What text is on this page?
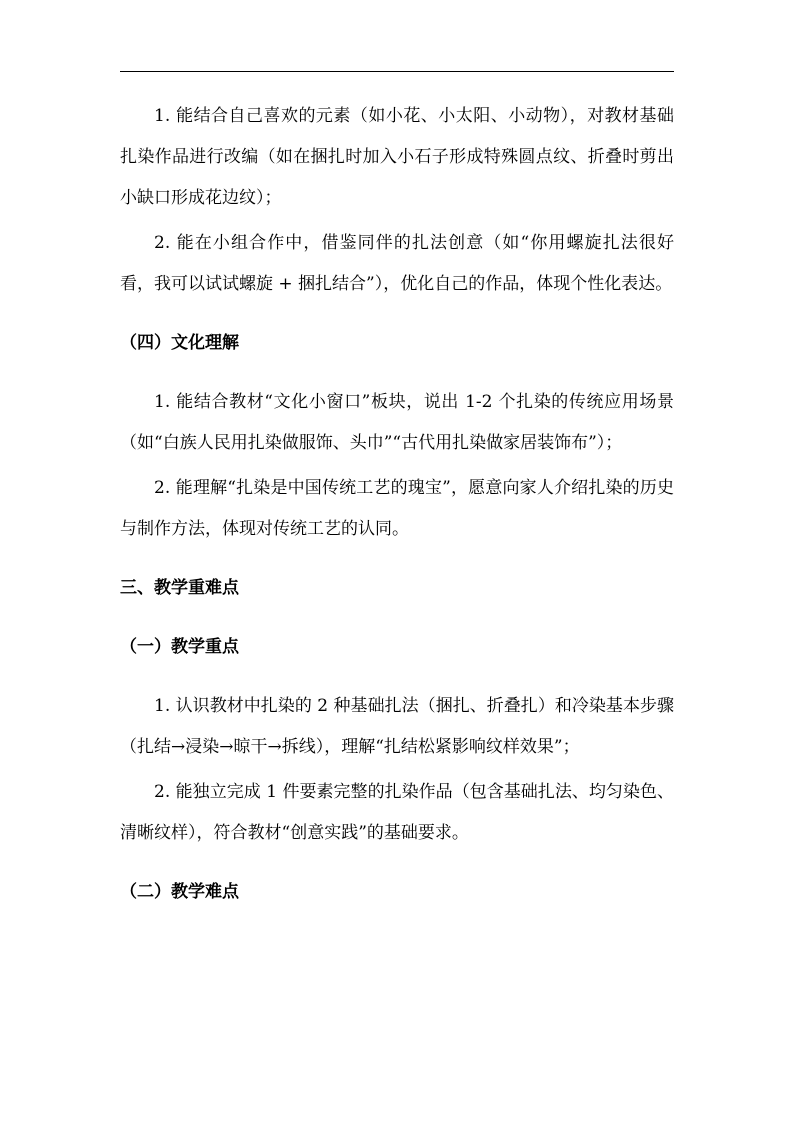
1. 能结合自己喜欢的元素（如小花、小太阳、小动物），对教材基础扎染作品进行改编（如在捆扎时加入小石子形成特殊圆点纹、折叠时剪出小缺口形成花边纹）；

2. 能在小组合作中，借鉴同伴的扎法创意（如“你用螺旋扎法很好看，我可以试试螺旋 + 捆扎结合”），优化自己的作品，体现个性化表达。

（四）文化理解

1. 能结合教材“文化小窗口”板块，说出 1-2 个扎染的传统应用场景（如“白族人民用扎染做服饰、头巾”“古代用扎染做家居装饰布”）；

2. 能理解“扎染是中国传统工艺的瑰宝”，愿意向家人介绍扎染的历史与制作方法，体现对传统工艺的认同。

三、教学重难点

（一）教学重点

1. 认识教材中扎染的 2 种基础扎法（捆扎、折叠扎）和冷染基本步骤（扎结→浸染→晾干→拆线），理解“扎结松紧影响纹样效果”；

2. 能独立完成 1 件要素完整的扎染作品（包含基础扎法、均匀染色、清晰纹样），符合教材“创意实践”的基础要求。

（二）教学难点
